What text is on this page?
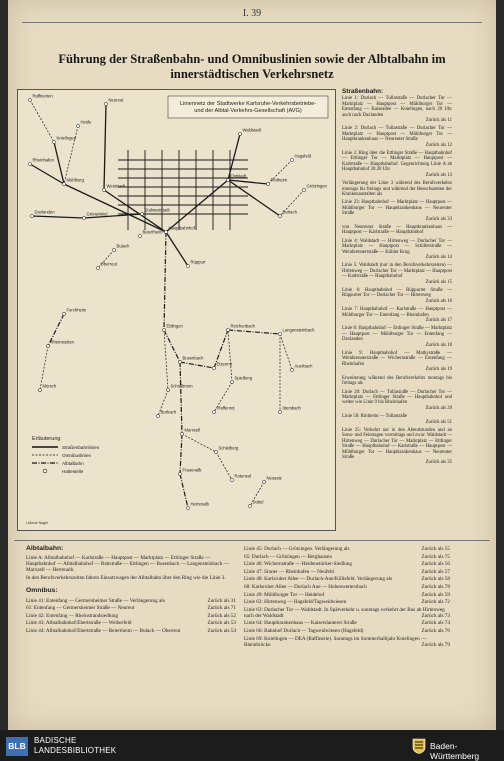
I. 39
Führung der Straßenbahn- und Omnibuslinien sowie der Albtalbahn im innerstädtischen Verkehrsnetz
Liniennetz der Stadtwerke Karlsruhe-Verkehrsbetriebe-
und der Albtal-Verkehrs-Gesellschaft (AVG)
Raffinerien
Knielingen
Neureut
Heide
Rheinhafen
Mühlburg
Daxlanden	Grünwinkel
Weststadt
Südweststadt
Beiertheim
Bulach
Oberreut
Forchheim
Rüppurr
Hauptbahnhof
Durlach
Grötzingen
Rintheim
Hagsfeld
Waldstadt
Oststadt
Rheinstetten
Mörsch
Ettlingen
Busenbach
Reichenbach
Langensteinbach
Spielberg
Pfaffenrot	Ittersbach
Herrenalb
Frauenalb
Marxzell
Schielberg
Neusatz
Rotensol
Dobel
Auerbach
Schöllbronn
Etzenrot
Burbach
Erläuterung
Straßenbahnlinien
Omnibuslinien
Albtalbahn
Haltestelle
Lübeck Nagel
Straßenbahn:
Linie 1: Durlach — Tullastraße — Durlacher Tor — Marktplatz — Hauptpost — Mühlburger Tor — Entenfang — Kaiseallee — Knielingen, nach 20 Uhr auch nach Daxlanden
Zurück als 11
Linie 2: Durlach — Tullastraße — Durlacher Tor — Marktplatz — Hauptpost — Mühlburger Tor — Hauptkrankenhaus — Neureuter Straße
Zurück als 12
Linie 3: Ring über die Ettlinger Straße — Hauptbahnhof — Ettlinger Tor — Marktplatz — Hauptpost — Karlstraße — Hauptbahnhof. Gegenrichtung Linie A ab Hauptbahnhof 20.30 Uhr
Zurück als 13
Verlängerung der Linie 3 während des Berufsverkehrs montags bis freitags und während der Besuchszeiten der Krankenanstalten als
Linie 23: Hauptbahnhof — Marktplatz — Hauptpost — Mühlburger Tor — Hauptkrankenhaus — Neureuter Straße
Zurück als 33
von Neureuter Straße — Hauptkrankenhaus — Hauptpost — Karlstraße — Hauptbahnhof
Linie 4: Waldstadt — Hirtenweg — Durlacher Tor — Marktplatz — Hauptpost — Schillerstraße — Weinbrennerstraße — Kühler Krug
Zurück als 14
Linie 5: Waldstadt (nur in den Berufsverkehrszeiten) — Hirtenweg — Durlacher Tor — Marktplatz — Hauptpost — Karlstraße — Hauptbahnhof
Zurück als 15
Linie 6: Hauptbahnhof — Rüppurrer Straße — Rüppurrer Tor — Durlacher Tor — Hirtenweg
Zurück als 16
Linie 7: Hauptbahnhof — Karlstraße — Hauptpost — Mühlburger Tor — Entenfang — Rheinhafen
Zurück als 17
Linie 8: Hauptbahnhof — Ettlinger Straße — Marktplatz — Hauptpost — Mühlburger Tor — Entenfang — Daxlanden
Zurück als 18
Linie 9: Hauptbahnhof — Mathystraße — Weinbrennerstraße — Wichernstraße — Entenfang — Rheinhafen
Zurück als 19
Erweiterung während des Berufsverkehrs montags bis freitags als
Linie 20: Durlach — Tullastraße — Durlacher Tor — Marktplatz — Ettlinger Straße — Hauptbahnhof und weiter wie Linie 9 bis Rheinhafen
Zurück als 29
Linie 50: Rintheim — Tullastraße
Zurück als 51
Linie 25: Verkehrt nur in den Abendstunden und an Sonn- und Feiertagen vormittags und zwar: Waldstadt — Hirtenweg — Durlacher Tor — Marktplatz — Ettlinger Straße — Hauptbahnhof — Karlstraße — Hauptpost — Mühlburger Tor — Hauptkrankenhaus — Neureuter Straße
Zurück als 35
Albtalbahn:
Linie A: Albtalbahnhof — Karlstraße — Hauptpost — Marktplatz — Ettlinger Straße — Hauptbahnhof — Albtalbahnhof — Battstraße — Ettlingen — Busenbach — Langensteinbach — Marxzell — Herrenalb.
In den Berufsverkehrszeiten fahren Einsatzwagen der Albtalbahn über den Ring wie die Linie 3.
Omnibus:
Linie 41: Entenfang — Germersheimer Straße — Verlängerung als	Zurück als 31
61: Entenfang — Germersheimer Straße — Neureut	Zurück als 71
Linie 42: Entenfang — Rheinstrandsiedlung	Zurück als 52
Linie 43: Albtalbahnhof/Ebertstraße — Weiherfeld	Zurück als 53
Linie 44: Albtalbahnhof/Ebertstraße — Beiertheim — Bulach — Oberreut	Zurück als 54
Linie 45: Durlach — Grötzingen. Verlängerung als	Zurück als 55
65: Durlach — Grötzingen — Berghausen	Zurück als 75
Linie 46: Wichernstraße — Heidenstücker-Siedlung	Zurück als 56
Linie 47: Sinner — Rheinhafen — Neufeld	Zurück als 57
Linie 48: Karlsruher Allee — Durlach-Aue/Killisfeld. Verlängerung als	Zurück als 58
68: Karlsruher Allee — Durlach Aue — Hohenwettersbach	Zurück als 78
Linie 49: Mühlburger Tor — Heidehof	Zurück als 59
Linie 62: Hirtenweg — Hagsfeld/Tagweidwiesen	Zurück als 72
Linie 63: Durlacher Tor — Waldstadt. In Spätverkehr u. sonntags verkehrt der Bus ab Hirtenweg nach der Waldstadt	Zurück als 73
Linie 64: Hauptkrankenhaus — Kaiserslauterer Straße	Zurück als 74
Linie 66: Bahnhof Durlach — Tagweidwiesen (Hagsfeld)	Zurück als 76
Linie 69: Knielingen — DEA (Raffinerie). Sonntags im Sommerhalbjahr Knielingen — Rheinbrücke	Zurück als 79
BLB
BADISCHE
LANDESBIBLIOTHEK	Baden-Württemberg
